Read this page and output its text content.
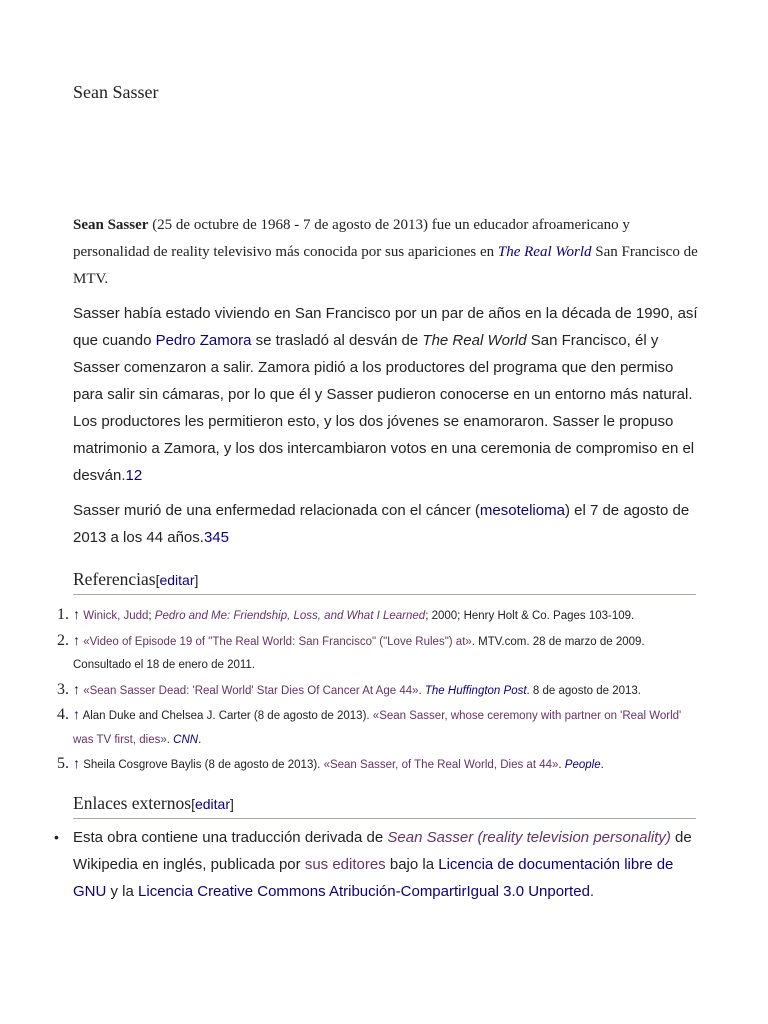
Sean Sasser
Sean Sasser (25 de octubre de 1968 - 7 de agosto de 2013) fue un educador afroamericano y personalidad de reality televisivo más conocida por sus apariciones en The Real World San Francisco de MTV.
Sasser había estado viviendo en San Francisco por un par de años en la década de 1990, así que cuando Pedro Zamora se trasladó al desván de The Real World San Francisco, él y Sasser comenzaron a salir. Zamora pidió a los productores del programa que den permiso para salir sin cámaras, por lo que él y Sasser pudieron conocerse en un entorno más natural. Los productores les permitieron esto, y los dos jóvenes se enamoraron. Sasser le propuso matrimonio a Zamora, y los dos intercambiaron votos en una ceremonia de compromiso en el desván.12
Sasser murió de una enfermedad relacionada con el cáncer (mesotelioma) el 7 de agosto de 2013 a los 44 años.345
Referencias[editar]
1. ↑ Winick, Judd; Pedro and Me: Friendship, Loss, and What I Learned; 2000; Henry Holt & Co. Pages 103-109.
2. ↑ «Video of Episode 19 of "The Real World: San Francisco" ("Love Rules") at». MTV.com. 28 de marzo de 2009. Consultado el 18 de enero de 2011.
3. ↑ «Sean Sasser Dead: 'Real World' Star Dies Of Cancer At Age 44». The Huffington Post. 8 de agosto de 2013.
4. ↑ Alan Duke and Chelsea J. Carter (8 de agosto de 2013). «Sean Sasser, whose ceremony with partner on 'Real World' was TV first, dies». CNN.
5. ↑ Sheila Cosgrove Baylis (8 de agosto de 2013). «Sean Sasser, of The Real World, Dies at 44». People.
Enlaces externos[editar]
• Esta obra contiene una traducción derivada de Sean Sasser (reality television personality) de Wikipedia en inglés, publicada por sus editores bajo la Licencia de documentación libre de GNU y la Licencia Creative Commons Atribución-CompartirIgual 3.0 Unported.
